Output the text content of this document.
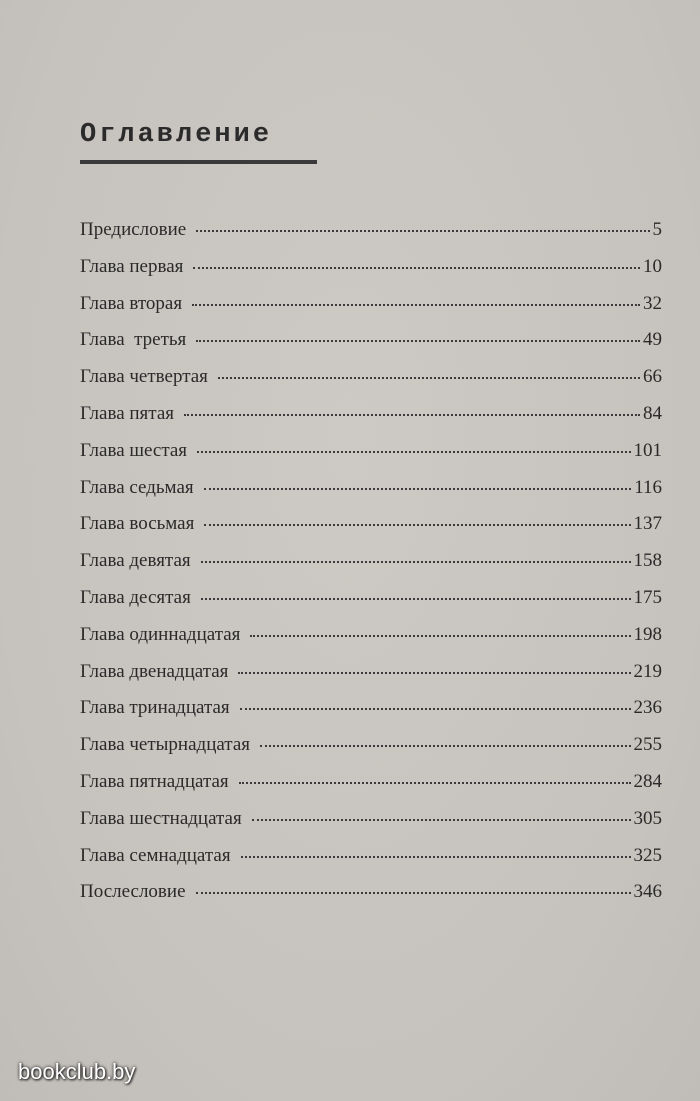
Оглавление
Предисловие	5
Глава первая	10
Глава вторая	32
Глава  третья	49
Глава четвертая	66
Глава пятая	84
Глава шестая	101
Глава седьмая	116
Глава восьмая	137
Глава девятая	158
Глава десятая	175
Глава одиннадцатая	198
Глава двенадцатая	219
Глава тринадцатая	236
Глава четырнадцатая	255
Глава пятнадцатая	284
Глава шестнадцатая	305
Глава семнадцатая	325
Послесловие	346
bookclub.by
